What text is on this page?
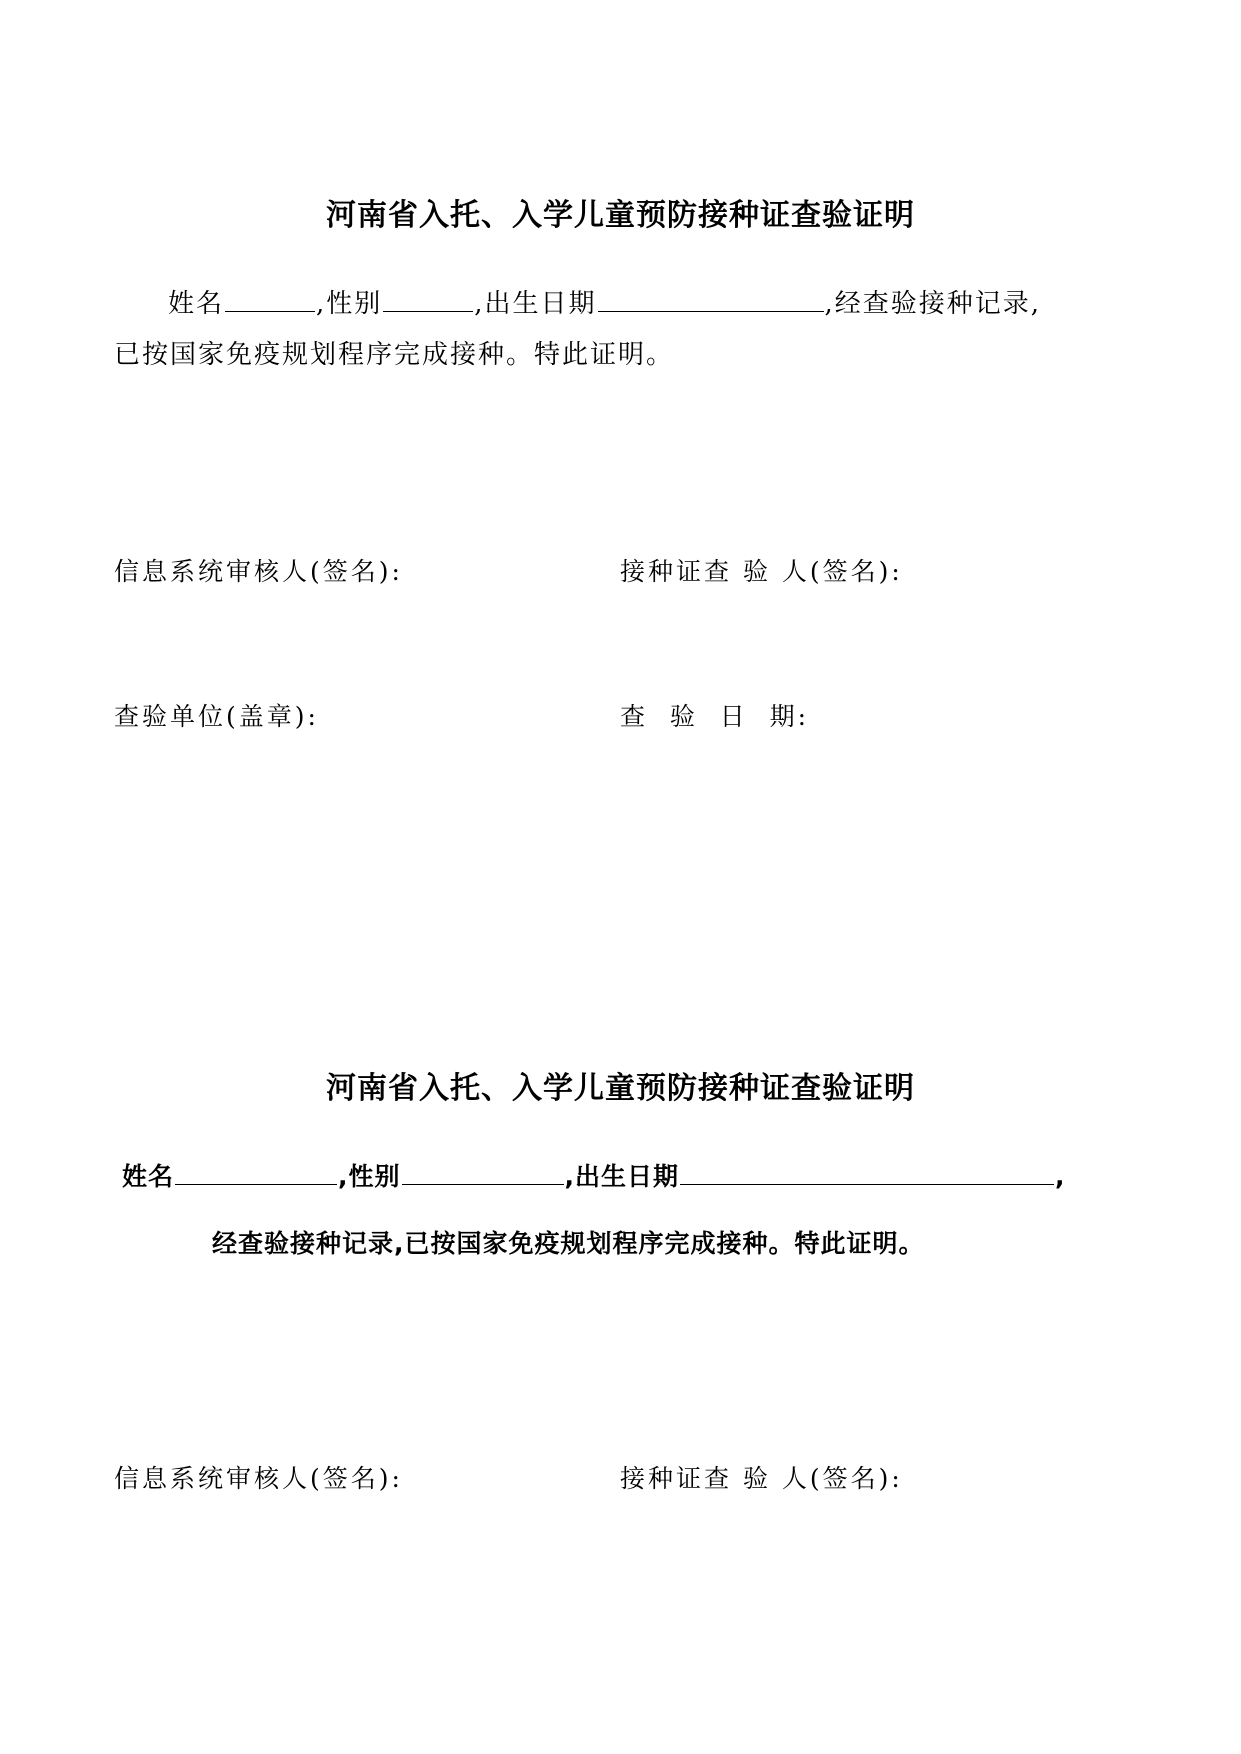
河南省入托、入学儿童预防接种证查验证明
姓名	,性别	,出生日期	,经查验接种记录,
已按国家免疫规划程序完成接种。特此证明。
信息系统审核人(签名):	接种证查 验 人(签名):
查验单位(盖章):	查  验  日  期:
河南省入托、入学儿童预防接种证查验证明
姓名	,性别	,出生日期	,
经查验接种记录,已按国家免疫规划程序完成接种。特此证明。
信息系统审核人(签名):	接种证查 验 人(签名):
